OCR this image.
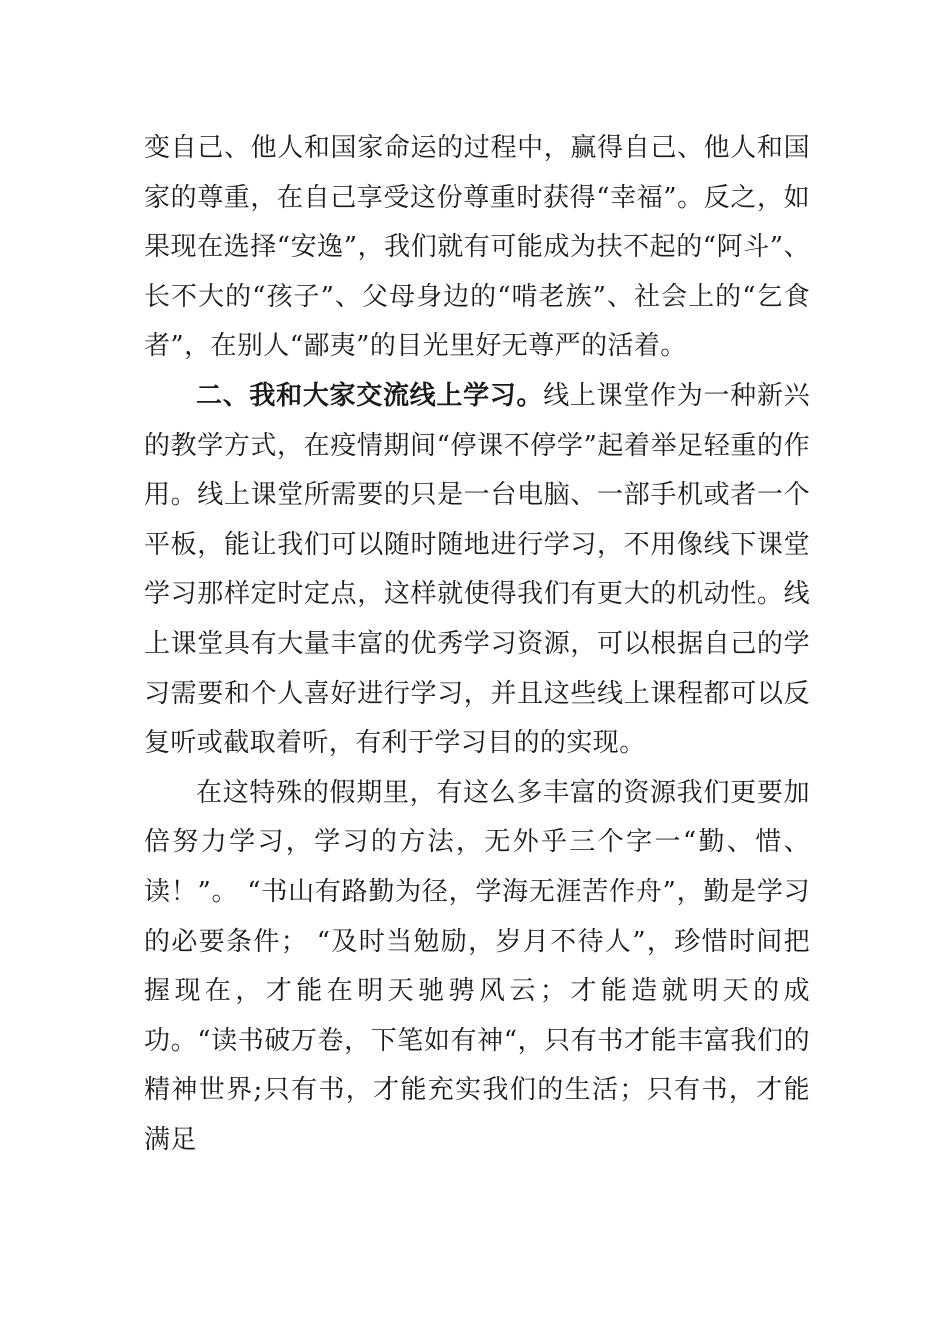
变自己、他人和国家命运的过程中，赢得自己、他人和国家的尊重，在自己享受这份尊重时获得“幸福”。反之，如果现在选择“安逸”，我们就有可能成为扶不起的“阿斗”、长不大的“孩子”、父母身边的“啃老族”、社会上的“乞食者”，在别人“鄙夷”的目光里好无尊严的活着。

二、我和大家交流线上学习。线上课堂作为一种新兴的教学方式，在疫情期间“停课不停学”起着举足轻重的作用。线上课堂所需要的只是一台电脑、一部手机或者一个平板，能让我们可以随时随地进行学习，不用像线下课堂学习那样定时定点，这样就使得我们有更大的机动性。线上课堂具有大量丰富的优秀学习资源，可以根据自己的学习需要和个人喜好进行学习，并且这些线上课程都可以反复听或截取着听，有利于学习目的的实现。

在这特殊的假期里，有这么多丰富的资源我们更要加倍努力学习，学习的方法，无外乎三个字一“勤、惜、读！”。 “书山有路勤为径，学海无涯苦作舟”，勤是学习的必要条件； “及时当勉励，岁月不待人”，珍惜时间把握现在，才能在明天驰骋风云；才能造就明天的成功。“读书破万卷，下笔如有神“，只有书才能丰富我们的精神世界;只有书，才能充实我们的生活；只有书，才能满足
